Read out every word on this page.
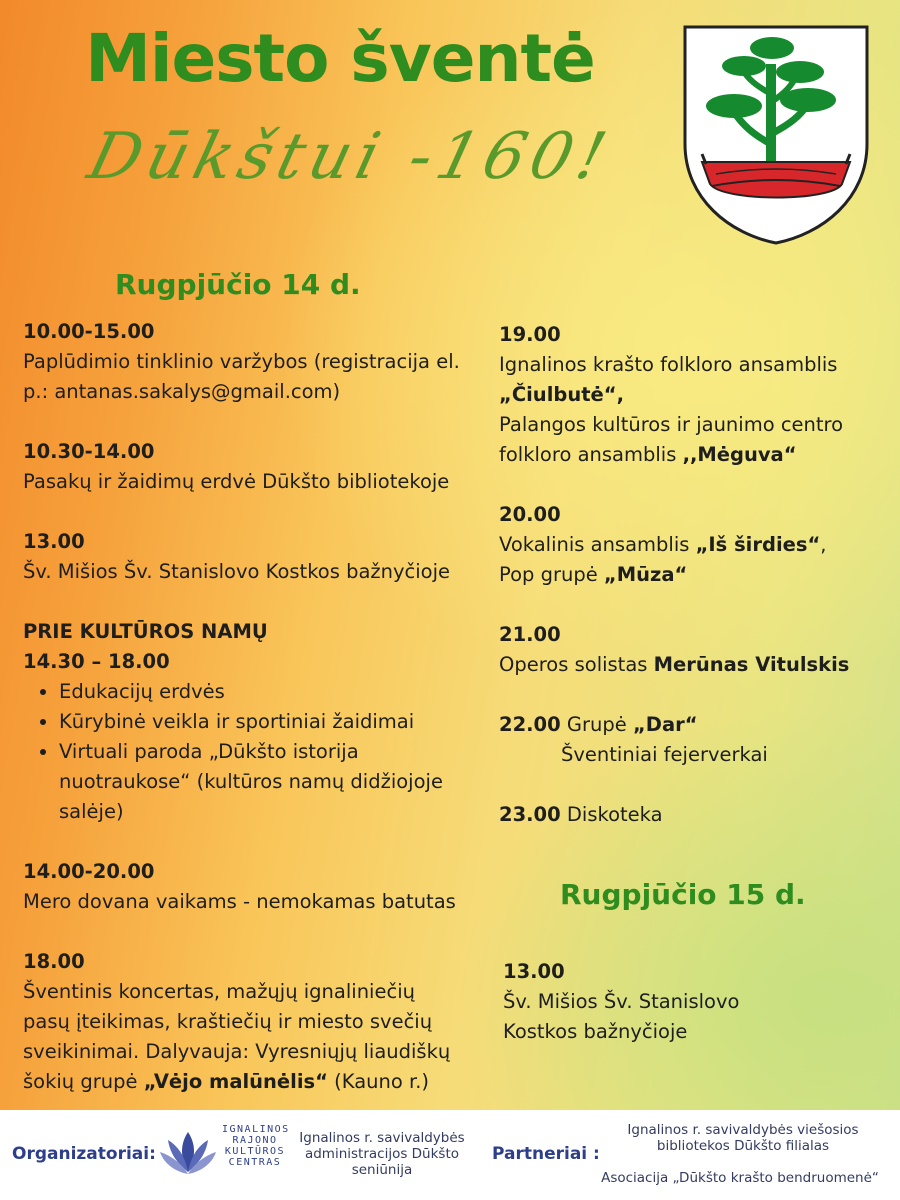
Miesto šventė
Dūkštui -160!
Rugpjūčio 14 d.

10.00-15.00

Paplūdimio tinklinio varžybos (registracija el. p.: antanas.sakalys@gmail.com)

10.30-14.00

Pasakų ir žaidimų erdvė Dūkšto bibliotekoje

13.00

Šv. Mišios Šv. Stanislovo Kostkos bažnyčioje

PRIE KULTŪROS NAMŲ

14.30 – 18.00

• Edukacijų erdvės
• Kūrybinė veikla ir sportiniai žaidimai
• Virtuali paroda „Dūkšto istorija nuotraukose“ (kultūros namų didžiojoje salėje)

14.00-20.00

Mero dovana vaikams - nemokamas batutas

18.00

Šventinis koncertas, mažųjų ignaliniečių pasų įteikimas, kraštiečių ir miesto svečių sveikinimai. Dalyvauja: Vyresniųjų liaudiškų šokių grupė „Vėjo malūnėlis“ (Kauno r.)

19.00

Ignalinos krašto folkloro ansamblis

„Čiulbutė“,

Palangos kultūros ir jaunimo centro folkloro ansamblis ,,Mėguva“

20.00

Vokalinis ansamblis „Iš širdies“,

Pop grupė „Mūza“

21.00

Operos solistas Merūnas Vitulskis

22.00 Grupė „Dar“

Šventiniai fejerverkai

23.00 Diskoteka

Rugpjūčio 15 d.

13.00

Šv. Mišios Šv. Stanislovo Kostkos bažnyčioje

Organizatoriai:
IGNALINOS
RAJONO
KULTŪROS
CENTRAS
Ignalinos r. savivaldybės administracijos Dūkšto seniūnija
Partneriai :
Ignalinos r. savivaldybės viešosios bibliotekos Dūkšto filialas
Asociacija „Dūkšto krašto bendruomenė“
